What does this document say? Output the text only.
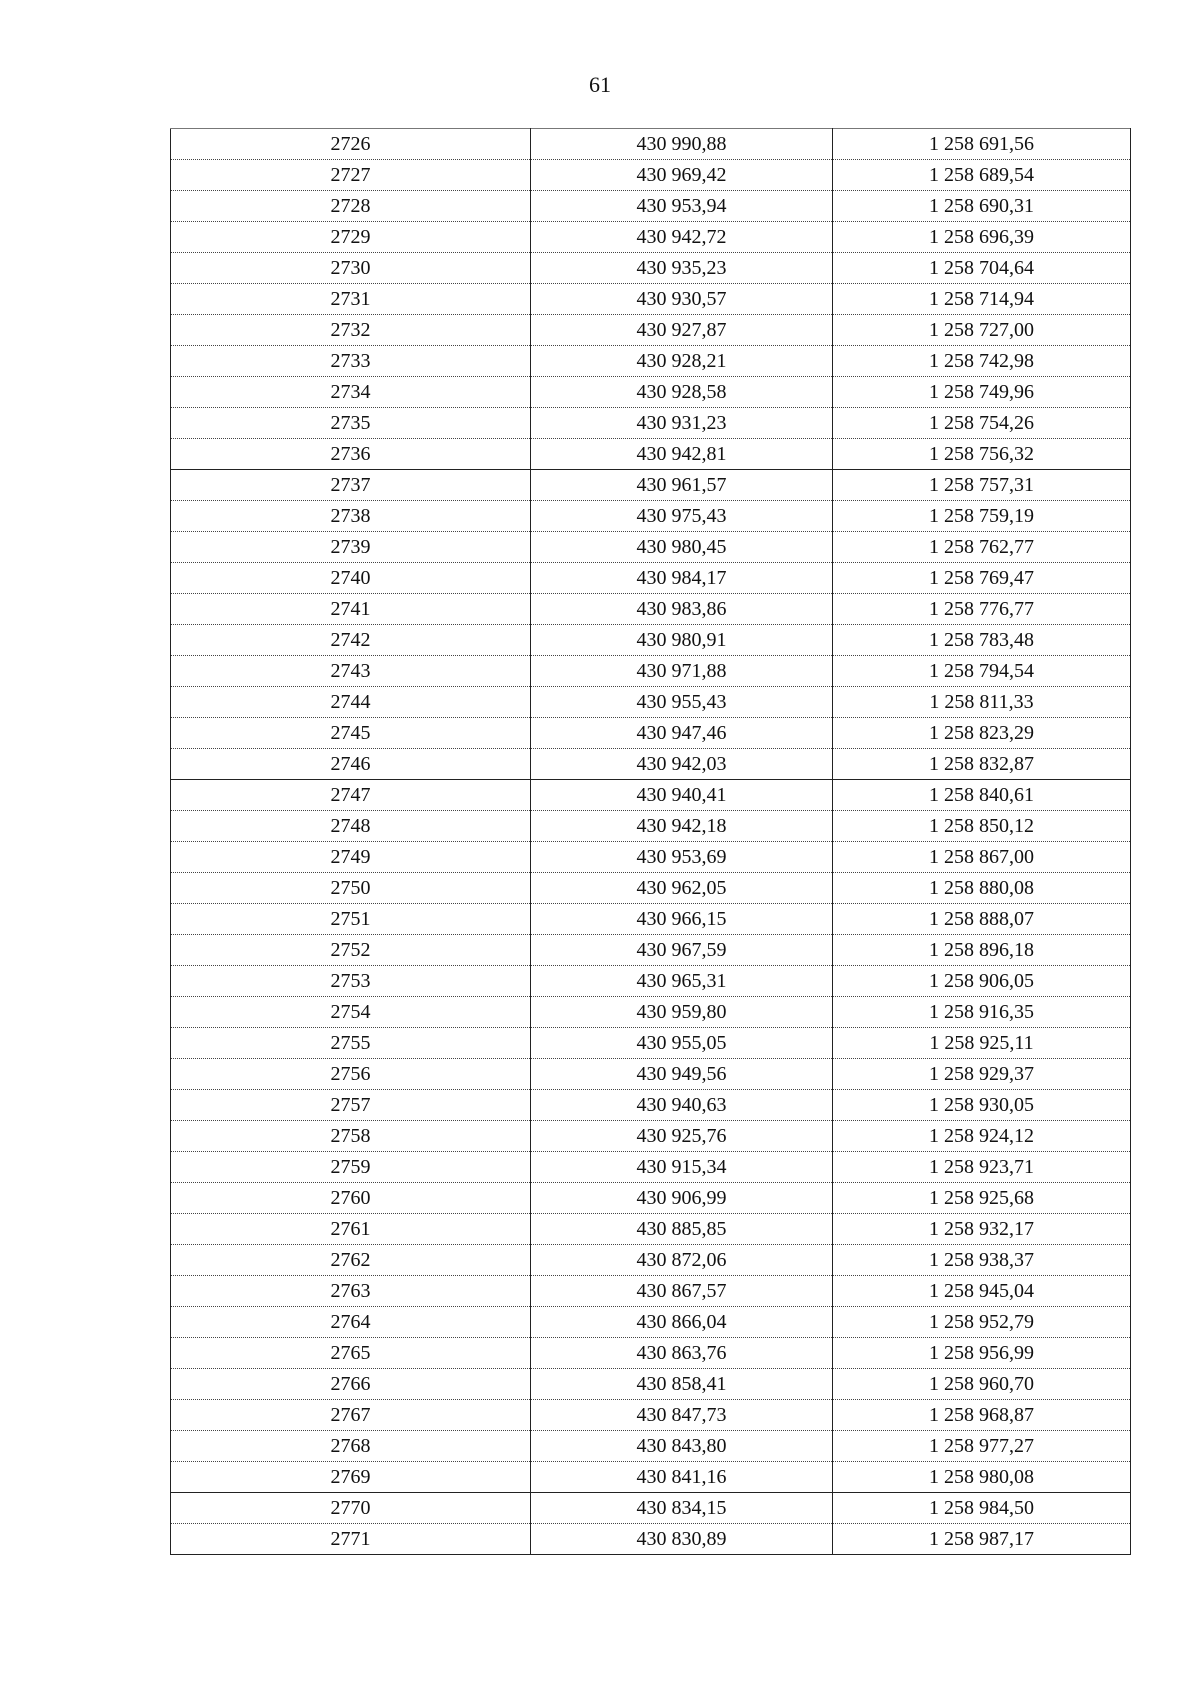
61
2726	430 990,88	1 258 691,56
2727	430 969,42	1 258 689,54
2728	430 953,94	1 258 690,31
2729	430 942,72	1 258 696,39
2730	430 935,23	1 258 704,64
2731	430 930,57	1 258 714,94
2732	430 927,87	1 258 727,00
2733	430 928,21	1 258 742,98
2734	430 928,58	1 258 749,96
2735	430 931,23	1 258 754,26
2736	430 942,81	1 258 756,32
2737	430 961,57	1 258 757,31
2738	430 975,43	1 258 759,19
2739	430 980,45	1 258 762,77
2740	430 984,17	1 258 769,47
2741	430 983,86	1 258 776,77
2742	430 980,91	1 258 783,48
2743	430 971,88	1 258 794,54
2744	430 955,43	1 258 811,33
2745	430 947,46	1 258 823,29
2746	430 942,03	1 258 832,87
2747	430 940,41	1 258 840,61
2748	430 942,18	1 258 850,12
2749	430 953,69	1 258 867,00
2750	430 962,05	1 258 880,08
2751	430 966,15	1 258 888,07
2752	430 967,59	1 258 896,18
2753	430 965,31	1 258 906,05
2754	430 959,80	1 258 916,35
2755	430 955,05	1 258 925,11
2756	430 949,56	1 258 929,37
2757	430 940,63	1 258 930,05
2758	430 925,76	1 258 924,12
2759	430 915,34	1 258 923,71
2760	430 906,99	1 258 925,68
2761	430 885,85	1 258 932,17
2762	430 872,06	1 258 938,37
2763	430 867,57	1 258 945,04
2764	430 866,04	1 258 952,79
2765	430 863,76	1 258 956,99
2766	430 858,41	1 258 960,70
2767	430 847,73	1 258 968,87
2768	430 843,80	1 258 977,27
2769	430 841,16	1 258 980,08
2770	430 834,15	1 258 984,50
2771	430 830,89	1 258 987,17
